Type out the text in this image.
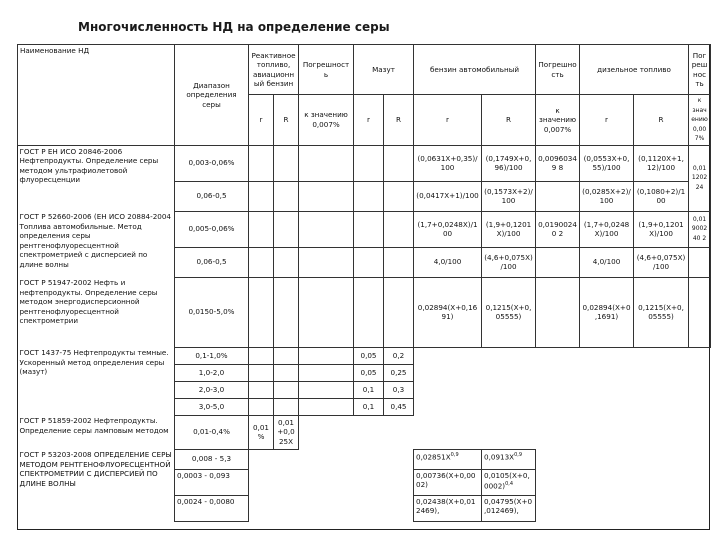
Многочисленность НД на определение серы
Наименование НД	Диапазон определения серы	Реактивное топливо, авиационный бензин		Погрешность	Мазут		бензин автомобильный		Погрешность	дизельное топливо		Погрешность
		r	R	к значению 0,007%	r	R	r	R	к значению 0,007%	r	R	к значению 0,007%
ГОСТ Р ЕН ИСО 20846-2006 Нефтепродукты. Определение серы методом ультрафиолетовой флуоресценции	0,003-0,06%						(0,0631X+0,35)/100	(0,1749X+0,96)/100	0,00960349 8	(0,0553X+0,55)/100	(0,1120X+1,12)/100	0,01120224
	0,06-0,5						(0,0417X+1)/100	(0,1573X+2)/100		(0,0285X+2)/100	(0,1080+2)/100	
ГОСТ Р 52660-2006 (ЕН ИСО 20884-2004 Топлива автомобильные. Метод определения серы рентгенофлуоресцентной спектрометрией с дисперсией по длине волны	0,005-0,06%						(1,7+0,0248X)/100	(1,9+0,1201X)/100	0,01900240 2	(1,7+0,0248X)/100	(1,9+0,1201X)/100	0,01900240 2
	0,06-0,5						4,0/100	(4,6+0,075X)/100		4,0/100	(4,6+0,075X)/100	
ГОСТ Р 51947-2002 Нефть и нефтепродукты. Определение серы методом энергодисперсионной рентгенофлуоресцентной спектрометрии	0,0150-5,0%						0,02894(X+0,1691)	0,1215(X+0,05555)		0,02894(X+0,1691)	0,1215(X+0,05555)	
ГОСТ 1437-75 Нефтепродукты темные. Ускоренный метод определения серы (мазут)	0,1-1,0%				0,05	0,2						
	1,0-2,0				0,05	0,25						
	2,0-3,0				0,1	0,3						
	3,0-5,0				0,1	0,45						
ГОСТ Р 51859-2002 Нефтепродукты. Определение серы ламповым методом	0,01-0,4%	0,01 %	0,01+0,025X									
ГОСТ Р 53203-2008 ОПРЕДЕЛЕНИЕ СЕРЫ МЕТОДОМ РЕНТГЕНОФЛУОРЕСЦЕНТНОЙ СПЕКТРОМЕТРИИ С ДИСПЕРСИЕЙ ПО ДЛИНЕ ВОЛНЫ	0,008 - 5,3						$0,02851X^{0,9}$	$0,0913X^{0,9}$				
	0,0003 - 0,093						0,00736(X+0,0002)	$0,0105(X+0,0002)^{0,4}$				
	0,0024 - 0,0080						0,02438(X+0,012469),	0,04795(X+0,012469),				
